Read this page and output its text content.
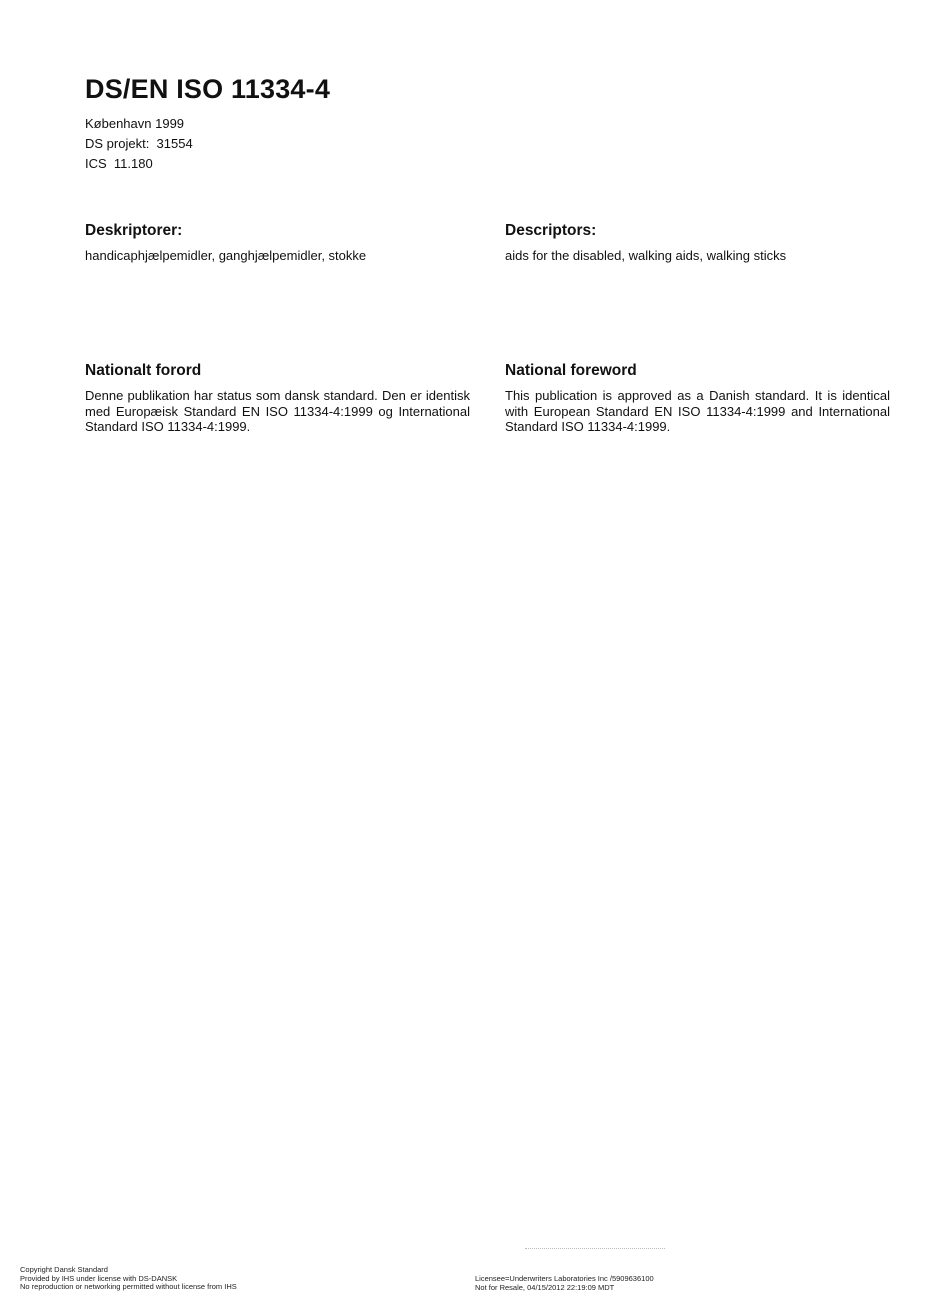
DS/EN ISO 11334-4
København 1999
DS projekt:  31554
ICS  11.180
Deskriptorer:
handicaphjælpemidler, ganghjælpemidler, stokke
Descriptors:
aids for the disabled, walking aids, walking sticks
Nationalt forord
Denne publikation har status som dansk standard. Den er identisk med Europæisk Standard EN ISO 11334-4:1999 og International Standard ISO 11334-4:1999.
National foreword
This publication is approved as a Danish standard. It is identical with European Standard EN ISO 11334-4:1999 and International Standard ISO 11334-4:1999.
Copyright Dansk Standard
Provided by IHS under license with DS-DANSK
No reproduction or networking permitted without license from IHS
Licensee=Underwriters Laboratories Inc /5909636100
Not for Resale, 04/15/2012 22:19:09 MDT
